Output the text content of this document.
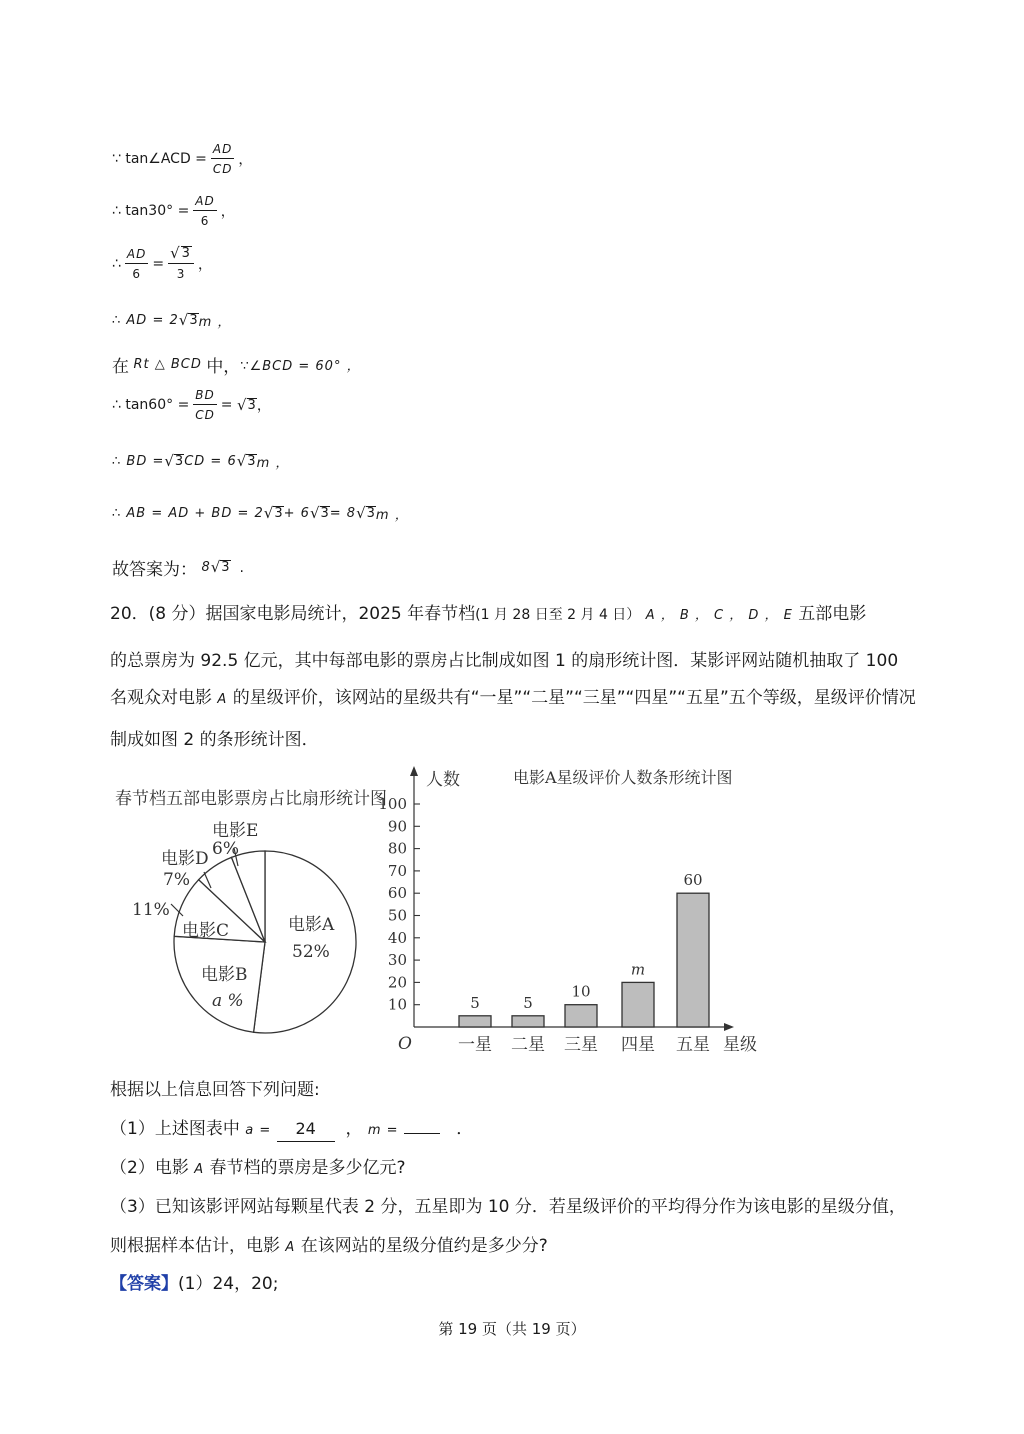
∵ tan∠ACD = $\frac{AD}{CD}$ ，
∴ $\tan 30^\circ = \frac{AD}{6}$ ，
∴ $\frac{AD}{6} = \frac{√ 3}{3}$ ，
∴ AD = 2 √ 3 m ，
在
Rt △ BCD
中， ∵∠BCD = 60° ，
∴ $\tan 60^\circ = \frac{BD}{CD}$ =
√ 3 ，
∴ BD = √ 3 CD = 6 √ 3 m ，
∴ AB = AD + BD = 2 √ 3 + 6 √ 3 = 8 √ 3 m ，
故答案为：
8 √ 3
.
20．(8 分）据国家电影局统计，2025 年春节档(1 月 28 日至 2 月 4 日） A ， B ， C ， D ， E 五部电影
的总票房为 92.5 亿元，其中每部电影的票房占比制成如图 1 的扇形统计图．某影评网站随机抽取了 100
名观众对电影 A 的星级评价，该网站的星级共有“一星”“二星”“三星”“四星”“五星”五个等级，星级评价情况
制成如图 2 的条形统计图．
春节档五部电影票房占比扇形统计图
电影A
52%
电影B
a %
电影C
11%
电影D
7%
电影E
6%
人数	电影A星级评价人数条形统计图
O	星级
10
20
30
40
50
60
70
80
90
100
5	5
10
m
60
一星 二星 三星 四星 五星
根据以上信息回答下列问题:
（1）上述图表中 a = 24 ， m =	．
（2）电影 A 春节档的票房是多少亿元?
（3）已知该影评网站每颗星代表 2 分，五星即为 10 分．若星级评价的平均得分作为该电影的星级分值，
则根据样本估计，电影 A 在该网站的星级分值约是多少分?
【答案】(1）24，20;
第 19 页（共 19 页）
